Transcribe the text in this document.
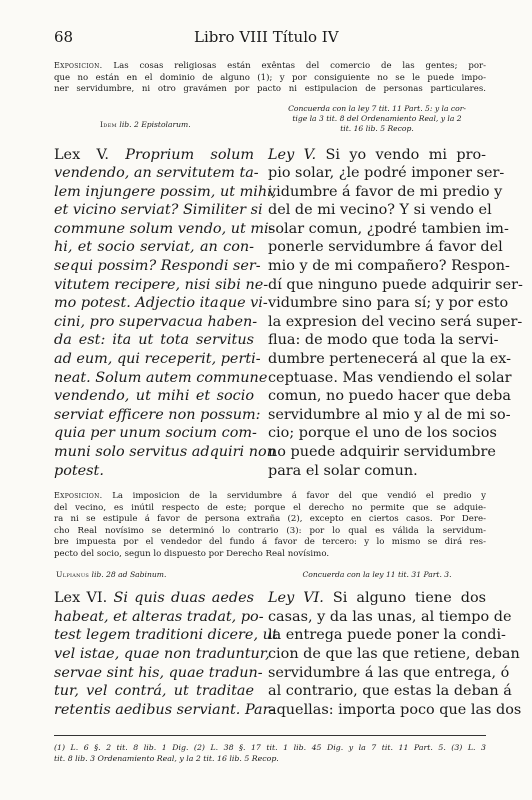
68	Libro VIII Título IV
Exposicion. Las cosas religiosas están exêntas del comercio de las gentes; por-
que no están en el dominio de alguno (1); y por consiguiente no se le puede impo-
ner servidumbre, ni otro gravámen por pacto ni estipulacion de personas particulares.
Idem lib. 2 Epistolarum.
Concuerda con la ley 7 tit. 11 Part. 5: y la cor-
tige la 3 tit. 8 del Ordenamiento Real, y la 2
tit. 16 lib. 5 Recop.
Lex V. Proprium solum
vendendo, an servitutem ta-
lem injungere possim, ut mihi,
et vicino serviat? Similiter si
commune solum vendo, ut mi-
hi, et socio serviat, an con-
sequi possim? Respondi ser-
vitutem recipere, nisi sibi ne-
mo potest. Adjectio itaque vi-
cini, pro supervacua haben-
da est: ita ut tota servitus
ad eum, qui receperit, perti-
neat. Solum autem commune
vendendo, ut mihi et socio
serviat efficere non possum:
quia per unum socium com-
muni solo servitus adquiri non
potest.
Ley V. Si yo vendo mi pro-
pio solar, ¿le podré imponer ser-
vidumbre á favor de mi predio y
del de mi vecino? Y si vendo el
solar comun, ¿podré tambien im-
ponerle servidumbre á favor del
mio y de mi compañero? Respon-
dí que ninguno puede adquirir ser-
vidumbre sino para sí; y por esto
la expresion del vecino será super-
flua: de modo que toda la servi-
dumbre pertenecerá al que la ex-
ceptuase. Mas vendiendo el solar
comun, no puedo hacer que deba
servidumbre al mio y al de mi so-
cio; porque el uno de los socios
no puede adquirir servidumbre
para el solar comun.
Exposicion. La imposicion de la servidumbre á favor del que vendió el predio y
del vecino, es inútil respecto de este; porque el derecho no permite que se adquie-
ra ni se estipule á favor de persona extraña (2), excepto en ciertos casos. Por Dere-
cho Real novísimo se determinó lo contrario (3): por lo qual es válida la servidum-
bre impuesta por el vendedor del fundo á favor de tercero: y lo mismo se dirá res-
pecto del socio, segun lo dispuesto por Derecho Real novísimo.
Ulpianus lib. 28 ad Sabinum.	Concuerda con la ley 11 tit. 31 Part. 3.
Lex VI. Si quis duas aedes
habeat, et alteras tradat, po-
test legem traditioni dicere, ut
vel istae, quae non traduntur,
servae sint his, quae tradun-
tur, vel contrá, ut traditae
retentis aedibus serviant. Par-
Ley VI. Si alguno tiene dos
casas, y da las unas, al tiempo de
la entrega puede poner la condi-
cion de que las que retiene, deban
servidumbre á las que entrega, ó
al contrario, que estas la deban á
aquellas: importa poco que las dos
(1) L. 6 §. 2 tit. 8 lib. 1 Dig. (2) L. 38 §. 17 tit. 1 lib. 45 Dig. y la 7 tit. 11 Part. 5. (3) L. 3
tit. 8 lib. 3 Ordenamiento Real, y la 2 tit. 16 lib. 5 Recop.
